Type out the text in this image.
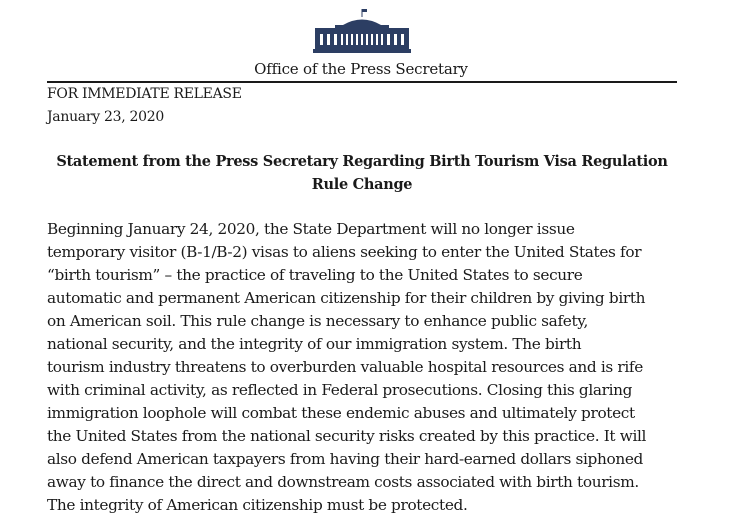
Office of the Press Secretary
FOR IMMEDIATE RELEASE
January 23, 2020
Statement from the Press Secretary Regarding Birth Tourism Visa Regulation
Rule Change
Beginning January 24, 2020, the State Department will no longer issue
temporary visitor (B-1/B-2) visas to aliens seeking to enter the United States for
“birth tourism” – the practice of traveling to the United States to secure
automatic and permanent American citizenship for their children by giving birth
on American soil. This rule change is necessary to enhance public safety,
national security, and the integrity of our immigration system. The birth
tourism industry threatens to overburden valuable hospital resources and is rife
with criminal activity, as reflected in Federal prosecutions. Closing this glaring
immigration loophole will combat these endemic abuses and ultimately protect
the United States from the national security risks created by this practice. It will
also defend American taxpayers from having their hard-earned dollars siphoned
away to finance the direct and downstream costs associated with birth tourism.
The integrity of American citizenship must be protected.
